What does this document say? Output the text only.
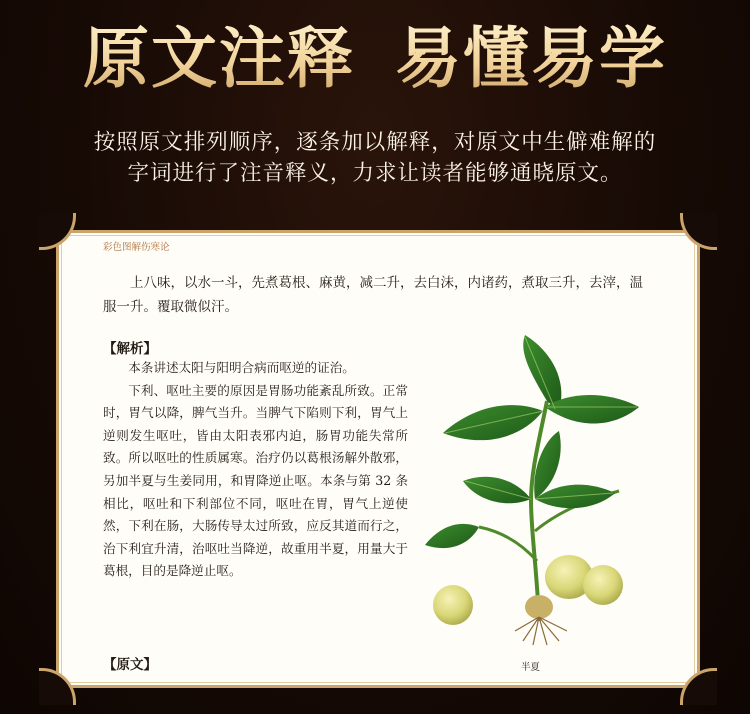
原文注释 易懂易学
按照原文排列顺序，逐条加以解释，对原文中生僻难解的
字词进行了注音释义，力求让读者能够通晓原文。
彩色图解伤寒论

上八味，以水一斗，先煮葛根、麻黄，减二升，去白沫，内诸药，煮取三升，去滓，温服一升。覆取微似汗。

【解析】

本条讲述太阳与阳明合病而呕逆的证治。

下利、呕吐主要的原因是胃肠功能紊乱所致。正常时，胃气以降，脾气当升。当脾气下陷则下利，胃气上逆则发生呕吐，皆由太阳表邪内迫，肠胃功能失常所致。所以呕吐的性质属寒。治疗仍以葛根汤解外散邪，另加半夏与生姜同用，和胃降逆止呕。本条与第 32 条相比，呕吐和下利部位不同，呕吐在胃，胃气上逆使然，下利在肠，大肠传导太过所致，应反其道而行之，治下利宜升清，治呕吐当降逆，故重用半夏，用量大于葛根，目的是降逆止呕。

【原文】	半夏
